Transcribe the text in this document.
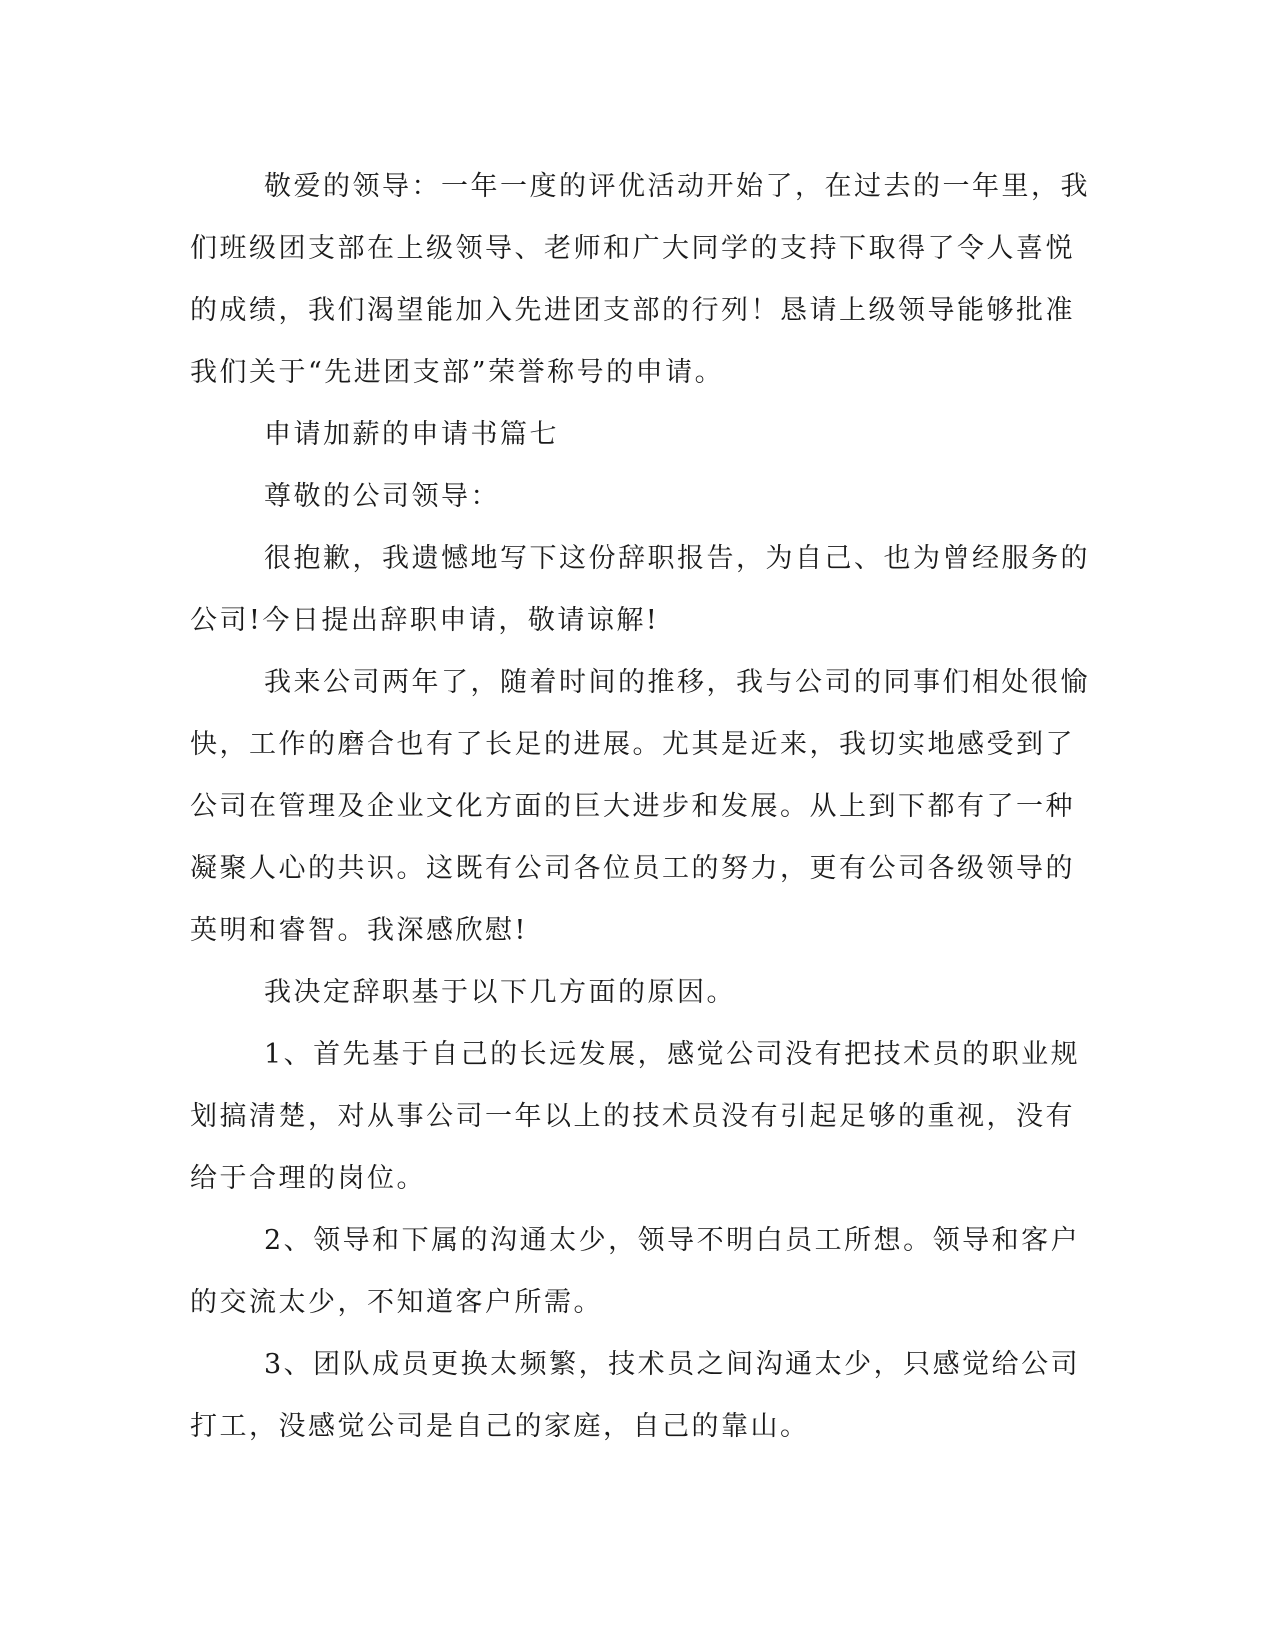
敬爱的领导：一年一度的评优活动开始了，在过去的一年里，我
们班级团支部在上级领导、老师和广大同学的支持下取得了令人喜悦
的成绩，我们渴望能加入先进团支部的行列！恳请上级领导能够批准
我们关于“先进团支部”荣誉称号的申请。
申请加薪的申请书篇七
尊敬的公司领导：
很抱歉，我遗憾地写下这份辞职报告，为自己、也为曾经服务的
公司!今日提出辞职申请，敬请谅解!
我来公司两年了，随着时间的推移，我与公司的同事们相处很愉
快，工作的磨合也有了长足的进展。尤其是近来，我切实地感受到了
公司在管理及企业文化方面的巨大进步和发展。从上到下都有了一种
凝聚人心的共识。这既有公司各位员工的努力，更有公司各级领导的
英明和睿智。我深感欣慰!
我决定辞职基于以下几方面的原因。
1、首先基于自己的长远发展，感觉公司没有把技术员的职业规
划搞清楚，对从事公司一年以上的技术员没有引起足够的重视，没有
给于合理的岗位。
2、领导和下属的沟通太少，领导不明白员工所想。领导和客户
的交流太少，不知道客户所需。
3、团队成员更换太频繁，技术员之间沟通太少，只感觉给公司
打工，没感觉公司是自己的家庭，自己的靠山。
